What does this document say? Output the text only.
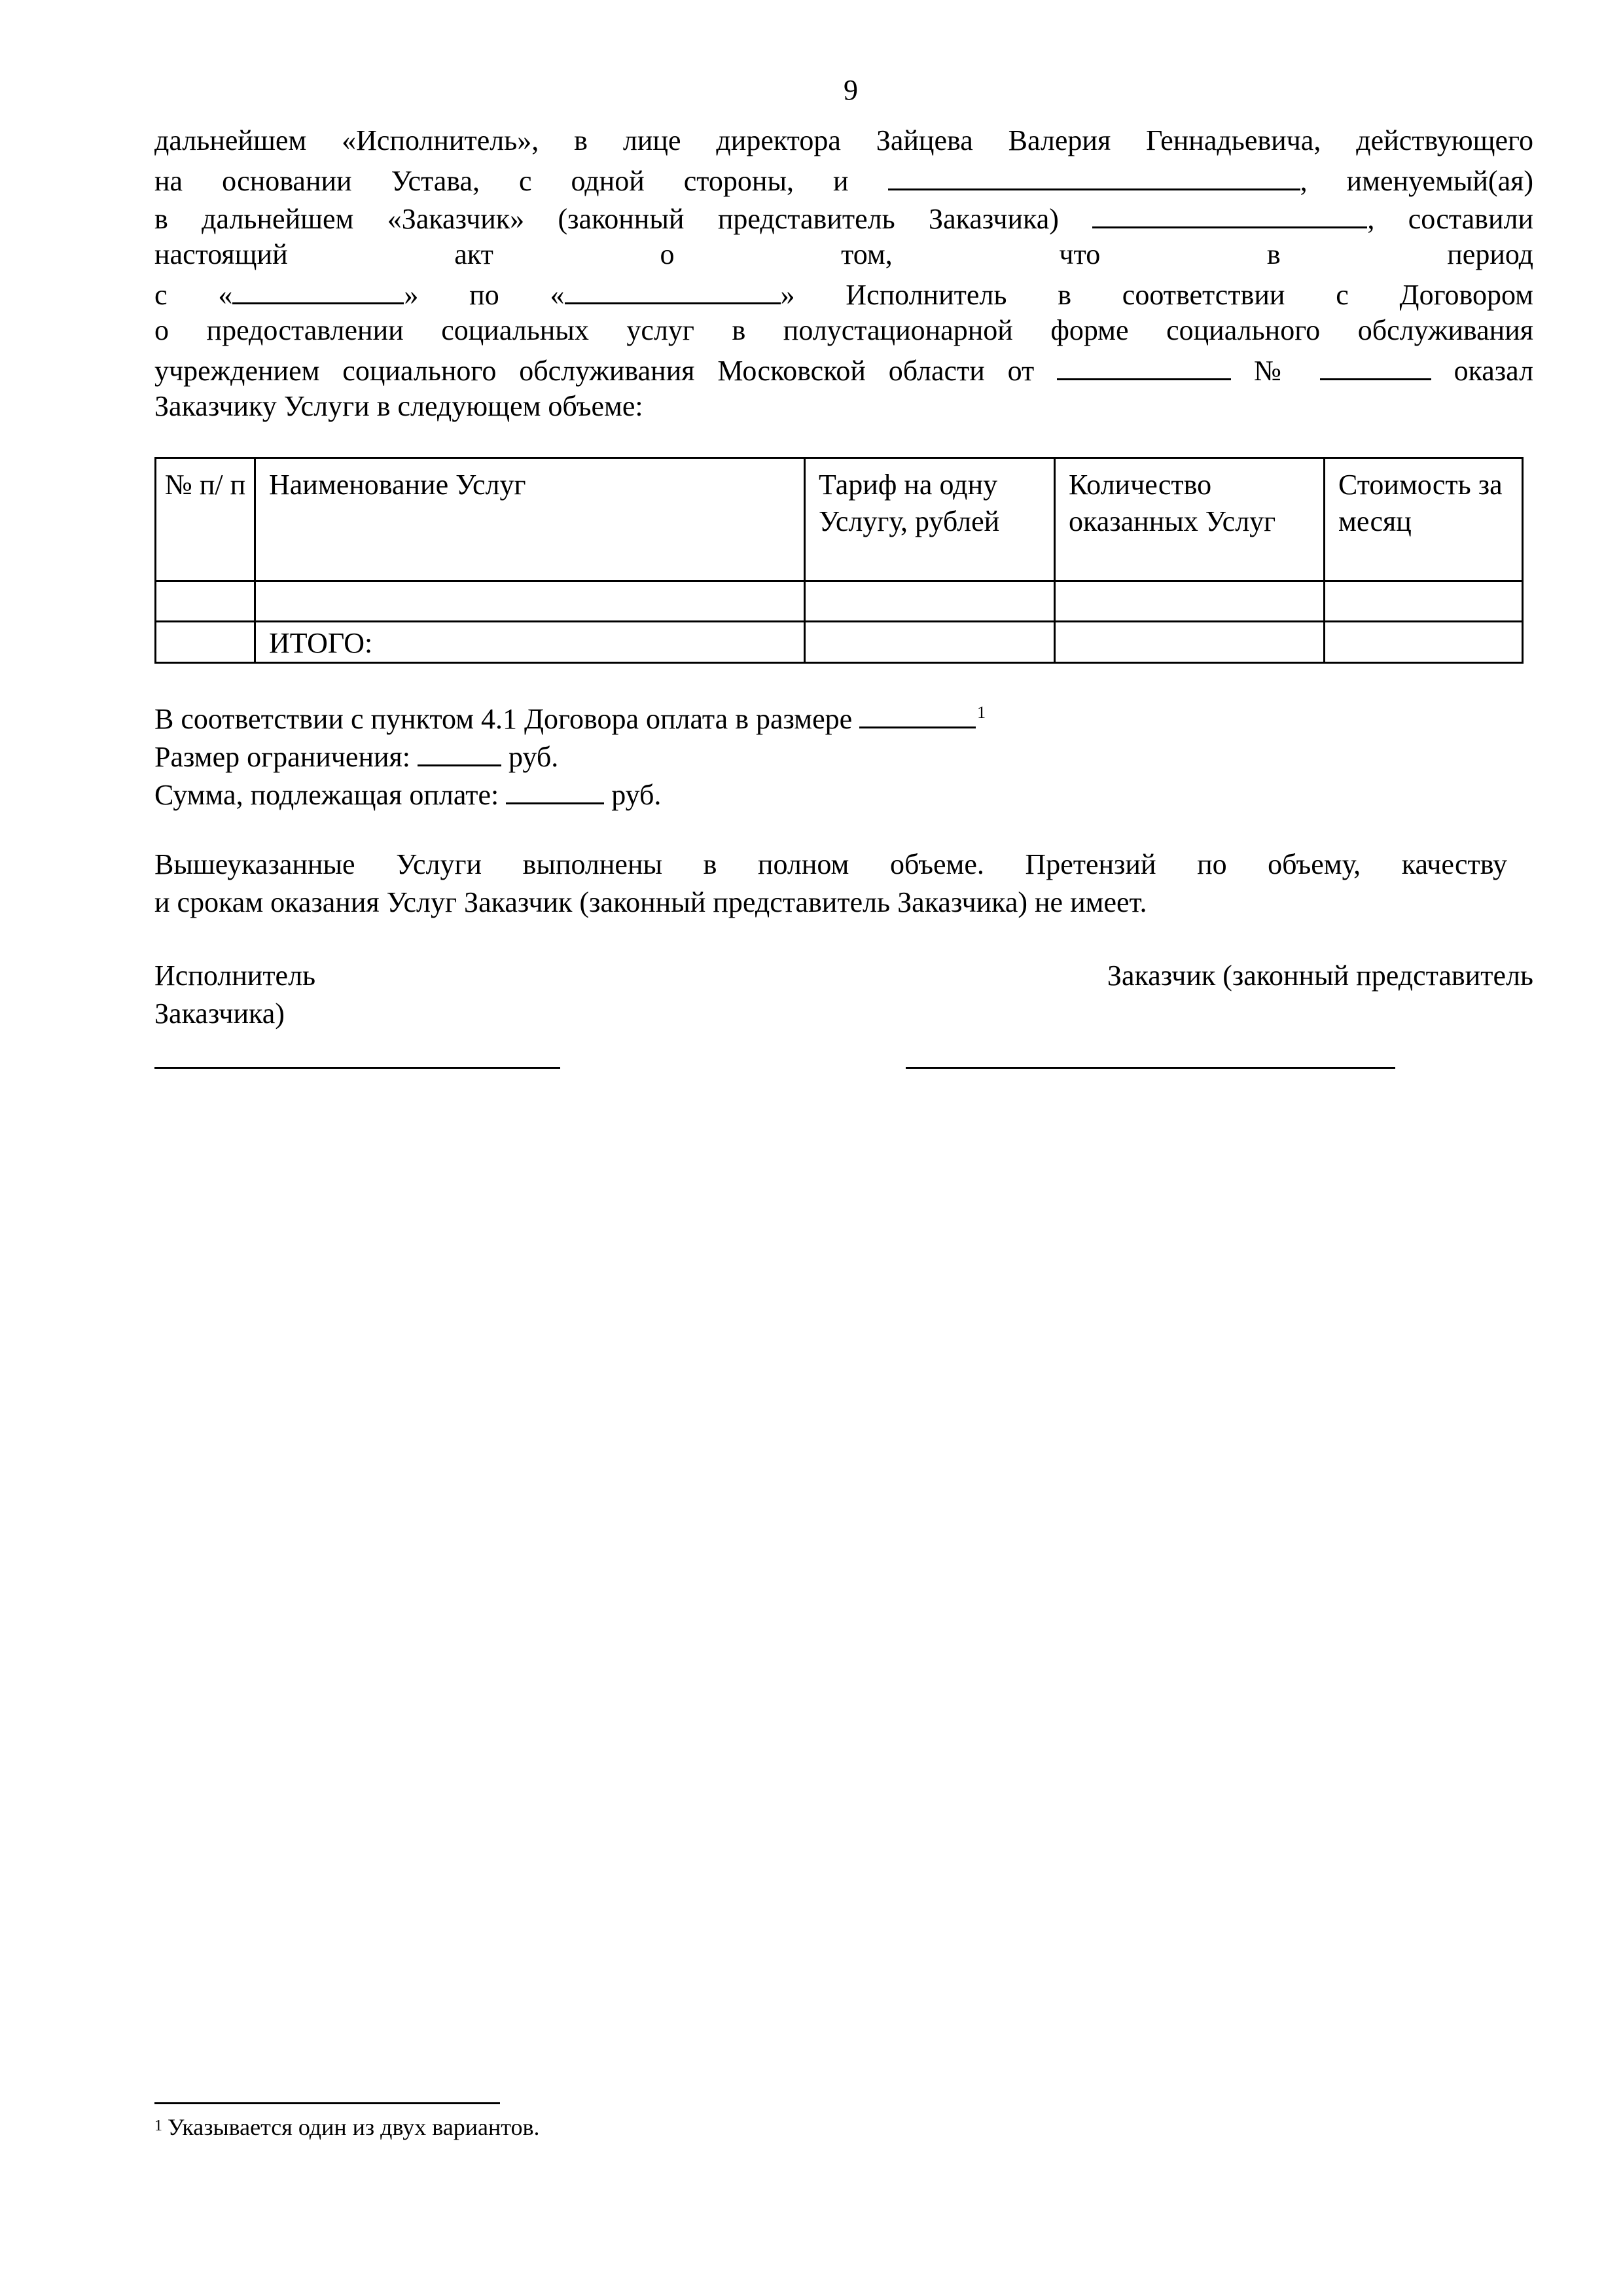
9
дальнейшем «Исполнитель», в лице директора Зайцева Валерия Геннадьевича, действующего
на основании Устава, с одной стороны, и	, именуемый(ая)
в дальнейшем «Заказчик» (законный представитель Заказчика)	, составили
настоящий акт о том, что в период
с «	» по «	» Исполнитель в соответствии с Договором
о предоставлении социальных услуг в полустационарной форме социального обслуживания
учреждением социального обслуживания Московской области от	№	оказал
Заказчику Услуги в следующем объеме:
№ п/ п	Наименование Услуг	Тариф на одну Услугу, рублей	Количество оказанных Услуг	Стоимость за месяц

	ИТОГО:			
В соответствии с пунктом 4.1 Договора оплата в размере	$^1$
Размер ограничения:	руб.
Сумма, подлежащая оплате:	руб.
Вышеуказанные Услуги выполнены в полном объеме. Претензий по объему, качеству
и срокам оказания Услуг Заказчик (законный представитель Заказчика) не имеет.
Исполнитель	Заказчик (законный представитель
Заказчика)
$^1$ Указывается один из двух вариантов.
